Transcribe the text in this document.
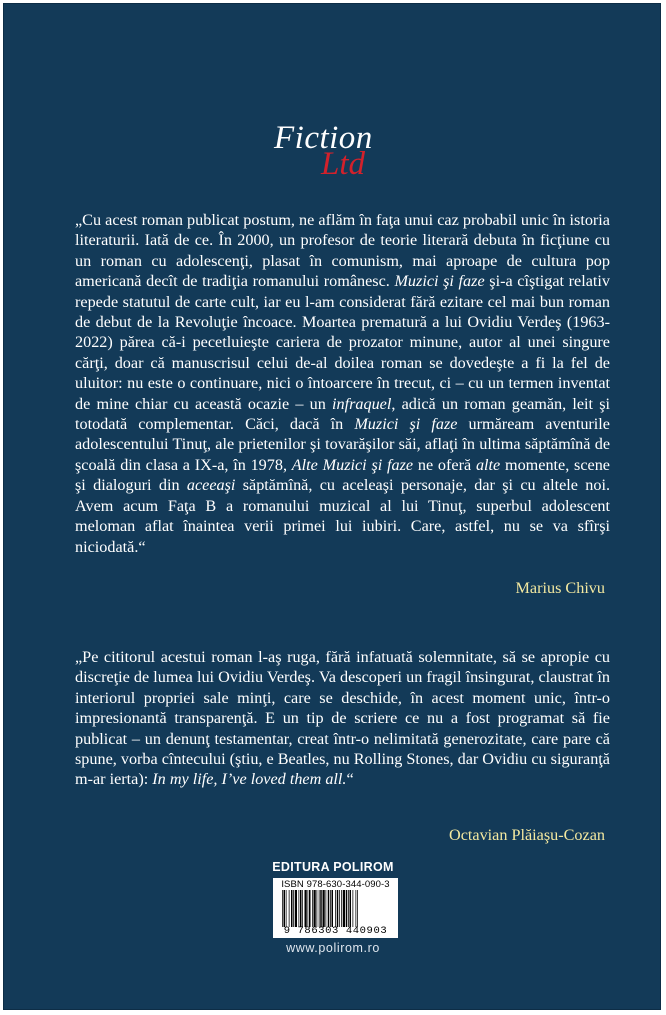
Fiction
Ltd

„Cu acest roman publicat postum, ne aflăm în faţa unui caz probabil unic în istoria literaturii. Iată de ce. În 2000, un profesor de teorie literară debuta în ficţiune cu un roman cu adolescenţi, plasat în comunism, mai aproape de cultura pop americană decît de tradiţia romanului românesc. Muzici şi faze şi-a cîştigat relativ repede statutul de carte cult, iar eu l-am considerat fără ezitare cel mai bun roman de debut de la Revoluţie încoace. Moartea prematură a lui Ovidiu Verdeş (1963-2022) părea că-i pecetluieşte cariera de prozator minune, autor al unei singure cărţi, doar că manuscrisul celui de-al doilea roman se dovedeşte a fi la fel de uluitor: nu este o continuare, nici o întoarcere în trecut, ci – cu un termen inventat de mine chiar cu această ocazie – un infraquel, adică un roman geamăn, leit şi totodată complementar. Căci, dacă în Muzici şi faze urmăream aventurile adolescentului Tinuţ, ale prietenilor şi tovarăşilor săi, aflaţi în ultima săptămînă de şcoală din clasa a IX-a, în 1978, Alte Muzici şi faze ne oferă alte momente, scene şi dialoguri din aceeaşi săptămînă, cu aceleaşi personaje, dar şi cu altele noi. Avem acum Faţa B a romanului muzical al lui Tinuţ, superbul adolescent meloman aflat înaintea verii primei lui iubiri. Care, astfel, nu se va sfîrşi niciodată.“

Marius Chivu

„Pe cititorul acestui roman l-aş ruga, fără infatuată solemnitate, să se apropie cu discreţie de lumea lui Ovidiu Verdeş. Va descoperi un fragil însingurat, claustrat în interiorul propriei sale minţi, care se deschide, în acest moment unic, într-o impresionantă transparenţă. E un tip de scriere ce nu a fost programat să fie publicat – un denunţ testamentar, creat într-o nelimitată generozitate, care pare că spune, vorba cîntecului (ştiu, e Beatles, nu Rolling Stones, dar Ovidiu cu siguranţă m-ar ierta): In my life, I’ve loved them all.“

Octavian Plăiaşu-Cozan
EDITURA POLIROM
ISBN 978-630-344-090-3
9 786303 440903
www.polirom.ro
